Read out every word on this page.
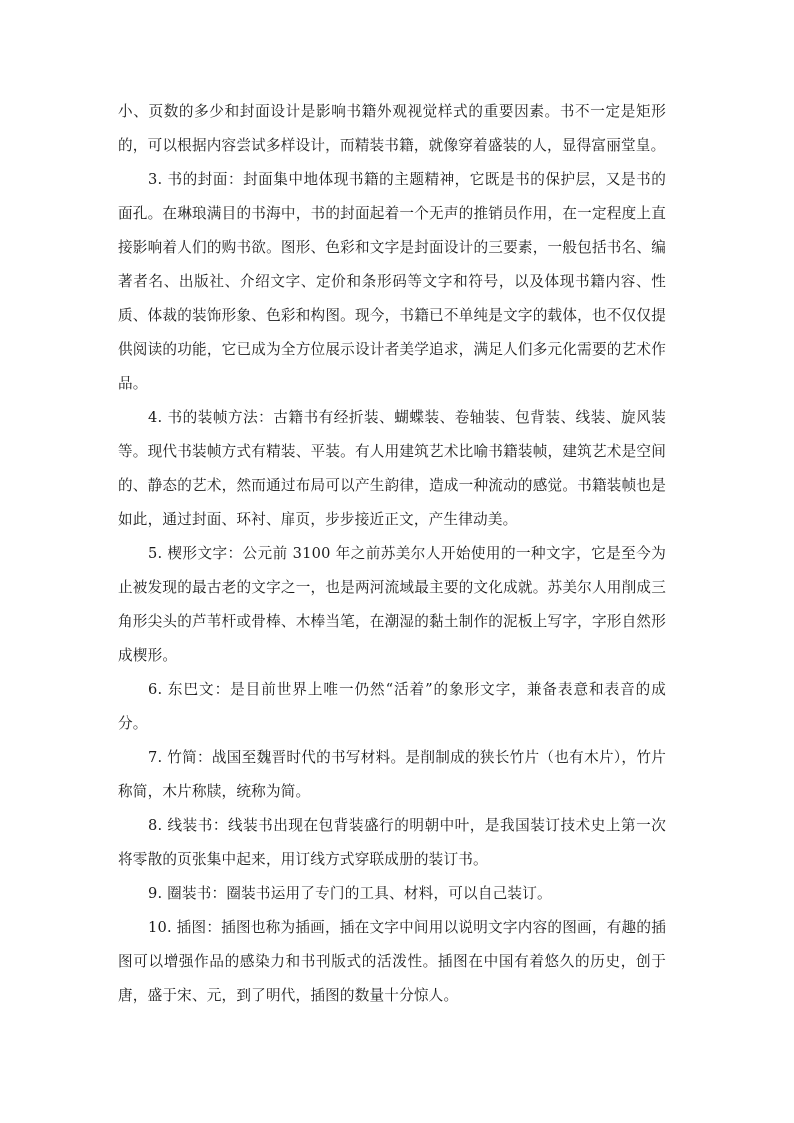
小、页数的多少和封面设计是影响书籍外观视觉样式的重要因素。书不一定是矩形的，可以根据内容尝试多样设计，而精装书籍，就像穿着盛装的人，显得富丽堂皇。

3. 书的封面：封面集中地体现书籍的主题精神，它既是书的保护层，又是书的面孔。在琳琅满目的书海中，书的封面起着一个无声的推销员作用，在一定程度上直接影响着人们的购书欲。图形、色彩和文字是封面设计的三要素，一般包括书名、编著者名、出版社、介绍文字、定价和条形码等文字和符号，以及体现书籍内容、性质、体裁的装饰形象、色彩和构图。现今，书籍已不单纯是文字的载体，也不仅仅提供阅读的功能，它已成为全方位展示设计者美学追求，满足人们多元化需要的艺术作品。

4. 书的装帧方法：古籍书有经折装、蝴蝶装、卷轴装、包背装、线装、旋风装等。现代书装帧方式有精装、平装。有人用建筑艺术比喻书籍装帧，建筑艺术是空间的、静态的艺术，然而通过布局可以产生韵律，造成一种流动的感觉。书籍装帧也是如此，通过封面、环衬、扉页，步步接近正文，产生律动美。

5. 楔形文字：公元前 3100 年之前苏美尔人开始使用的一种文字，它是至今为止被发现的最古老的文字之一，也是两河流域最主要的文化成就。苏美尔人用削成三角形尖头的芦苇杆或骨棒、木棒当笔，在潮湿的黏土制作的泥板上写字，字形自然形成楔形。

6. 东巴文：是目前世界上唯一仍然“活着”的象形文字，兼备表意和表音的成分。

7. 竹简：战国至魏晋时代的书写材料。是削制成的狭长竹片（也有木片），竹片称简，木片称牍，统称为简。

8. 线装书：线装书出现在包背装盛行的明朝中叶，是我国装订技术史上第一次将零散的页张集中起来，用订线方式穿联成册的装订书。

9. 圈装书：圈装书运用了专门的工具、材料，可以自己装订。

10. 插图：插图也称为插画，插在文字中间用以说明文字内容的图画，有趣的插图可以增强作品的感染力和书刊版式的活泼性。插图在中国有着悠久的历史，创于唐，盛于宋、元，到了明代，插图的数量十分惊人。
